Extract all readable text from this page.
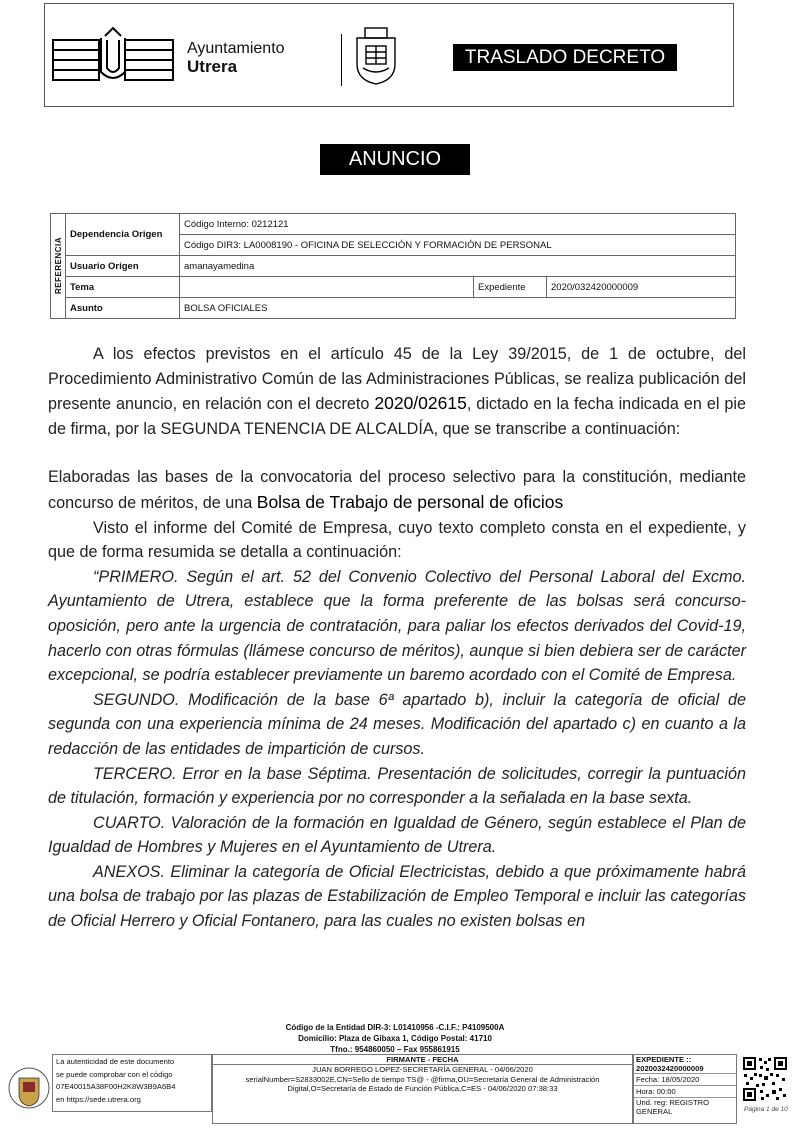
Ayuntamiento
Utrera	TRASLADO DECRETO
ANUNCIO
REFERENCIA	Dependencia Origen	Código Interno: 0212121		
		Código DIR3: LA0008190 - OFICINA DE SELECCIÓN Y FORMACIÓN DE PERSONAL		
	Usuario Origen	amanayamedina		
	Tema		Expediente	2020/032420000009
	Asunto	BOLSA OFICIALES		

A los efectos previstos en el artículo 45 de la Ley 39/2015, de 1 de octubre, del Procedimiento Administrativo Común de las Administraciones Públicas, se realiza publicación del presente anuncio, en relación con el decreto 2020/02615, dictado en la fecha indicada en el pie de firma, por la SEGUNDA TENENCIA DE ALCALDÍA, que se transcribe a continuación:

Elaboradas las bases de la convocatoria del proceso selectivo para la constitución, mediante concurso de méritos, de una Bolsa de Trabajo de personal de oficios

Visto el informe del Comité de Empresa, cuyo texto completo consta en el expediente, y que de forma resumida se detalla a continuación:

“PRIMERO. Según el art. 52 del Convenio Colectivo del Personal Laboral del Excmo. Ayuntamiento de Utrera, establece que la forma preferente de las bolsas será concurso-oposición, pero ante la urgencia de contratación, para paliar los efectos derivados del Covid-19, hacerlo con otras fórmulas (llámese concurso de méritos), aunque si bien debiera ser de carácter excepcional, se podría establecer previamente un baremo acordado con el Comité de Empresa.

SEGUNDO. Modificación de la base 6ª apartado b), incluir la categoría de oficial de segunda con una experiencia mínima de 24 meses. Modificación del apartado c) en cuanto a la redacción de las entidades de impartición de cursos.

TERCERO. Error en la base Séptima. Presentación de solicitudes, corregir la puntuación de titulación, formación y experiencia por no corresponder a la señalada en la base sexta.

CUARTO. Valoración de la formación en Igualdad de Género, según establece el Plan de Igualdad de Hombres y Mujeres en el Ayuntamiento de Utrera.

ANEXOS. Eliminar la categoría de Oficial Electricistas, debido a que próximamente habrá una bolsa de trabajo por las plazas de Estabilización de Empleo Temporal e incluir las categorías de Oficial Herrero y Oficial Fontanero, para las cuales no existen bolsas en

Código de la Entidad DIR-3: L01410956 -C.I.F.: P4109500A
Domicilio: Plaza de Gibaxa 1, Código Postal: 41710
Tfno.: 954860050 – Fax 955861915
La autenticidad de este documento
se puede comprobar con el código
07E40015A38F00H2K8W3B9A6B4
en https://sede.utrera.org
FIRMANTE - FECHA
JUAN BORREGO LOPEZ-SECRETARÍA GENERAL - 04/06/2020
serialNumber=S2833002E,CN=Sello de tiempo TS@ - @firma,OU=Secretaría General de Administración
Digital,O=Secretaría de Estado de Función Pública,C=ES - 04/06/2020 07:38:33
EXPEDIENTE ::
2020032420000009
Fecha: 18/05/2020
Hora: 00:00
Und. reg: REGISTRO GENERAL	Página 1 de 10
